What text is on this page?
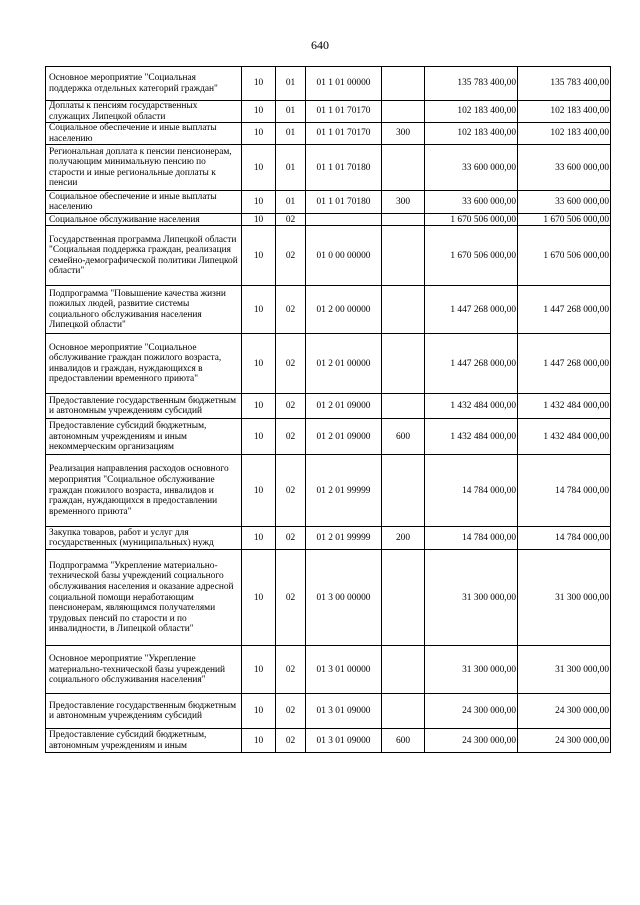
640
Основное мероприятие "Социальная поддержка отдельных категорий граждан"	10	01	01 1 01 00000		135 783 400,00	135 783 400,00
Доплаты к пенсиям государственных служащих Липецкой области	10	01	01 1 01 70170		102 183 400,00	102 183 400,00
Социальное обеспечение и иные выплаты населению	10	01	01 1 01 70170	300	102 183 400,00	102 183 400,00
Региональная доплата к пенсии пенсионерам, получающим минимальную пенсию по старости и иные региональные доплаты к пенсии	10	01	01 1 01 70180		33 600 000,00	33 600 000,00
Социальное обеспечение и иные выплаты населению	10	01	01 1 01 70180	300	33 600 000,00	33 600 000,00
Социальное обслуживание населения	10	02			1 670 506 000,00	1 670 506 000,00
Государственная программа Липецкой области "Социальная поддержка граждан, реализация семейно-демографической политики Липецкой области"	10	02	01 0 00 00000		1 670 506 000,00	1 670 506 000,00
Подпрограмма "Повышение качества жизни пожилых людей, развитие системы социального обслуживания населения Липецкой области"	10	02	01 2 00 00000		1 447 268 000,00	1 447 268 000,00
Основное мероприятие "Социальное обслуживание граждан пожилого возраста, инвалидов и граждан, нуждающихся в предоставлении временного приюта"	10	02	01 2 01 00000		1 447 268 000,00	1 447 268 000,00
Предоставление государственным бюджетным и автономным учреждениям субсидий	10	02	01 2 01 09000		1 432 484 000,00	1 432 484 000,00
Предоставление субсидий бюджетным, автономным учреждениям и иным некоммерческим организациям	10	02	01 2 01 09000	600	1 432 484 000,00	1 432 484 000,00
Реализация направления расходов основного мероприятия "Социальное обслуживание граждан пожилого возраста, инвалидов и граждан, нуждающихся в предоставлении временного приюта"	10	02	01 2 01 99999		14 784 000,00	14 784 000,00
Закупка товаров, работ и услуг для государственных (муниципальных) нужд	10	02	01 2 01 99999	200	14 784 000,00	14 784 000,00
Подпрограмма "Укрепление материально-технической базы учреждений социального обслуживания населения и оказание адресной социальной помощи неработающим пенсионерам, являющимся получателями трудовых пенсий по старости и по инвалидности, в Липецкой области"	10	02	01 3 00 00000		31 300 000,00	31 300 000,00
Основное мероприятие "Укрепление материально-технической базы учреждений социального обслуживания населения"	10	02	01 3 01 00000		31 300 000,00	31 300 000,00
Предоставление государственным бюджетным и автономным учреждениям субсидий	10	02	01 3 01 09000		24 300 000,00	24 300 000,00
Предоставление субсидий бюджетным, автономным учреждениям и иным	10	02	01 3 01 09000	600	24 300 000,00	24 300 000,00
